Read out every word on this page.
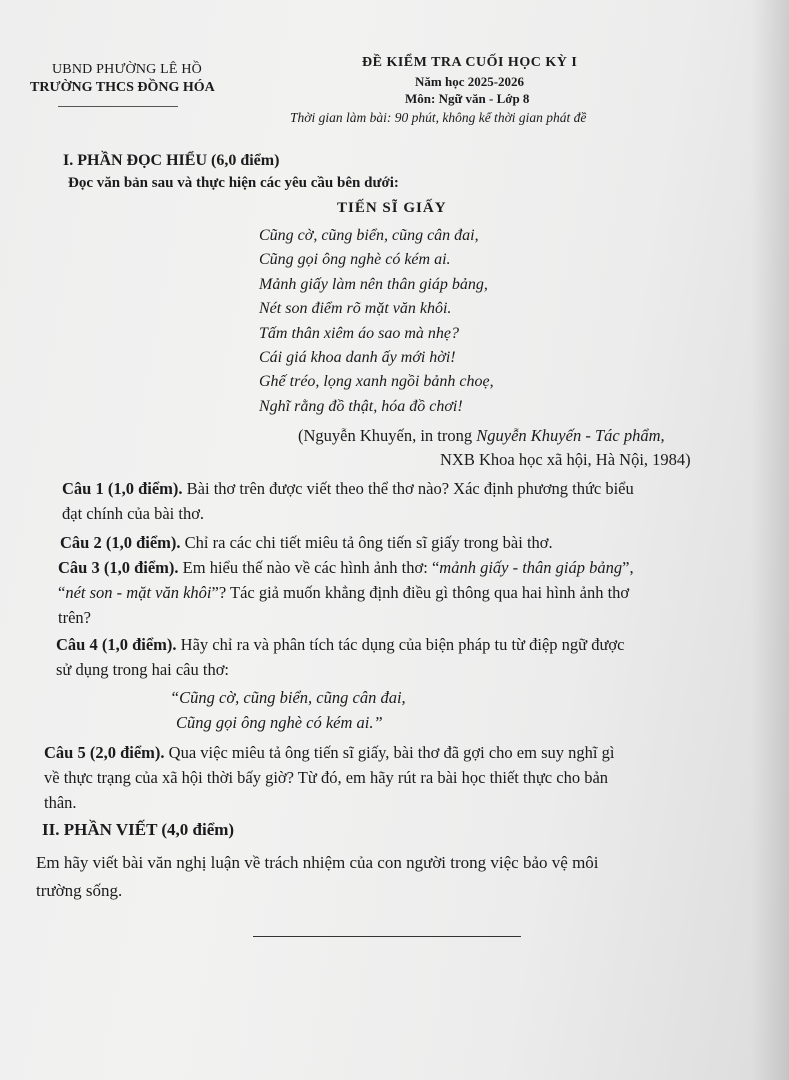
UBND PHƯỜNG LÊ HỒ
TRƯỜNG THCS ĐỒNG HÓA
ĐỀ KIỂM TRA CUỐI HỌC KỲ I
Năm học 2025-2026
Môn: Ngữ văn - Lớp 8
Thời gian làm bài: 90 phút, không kể thời gian phát đề
I. PHẦN ĐỌC HIỂU (6,0 điểm)
Đọc văn bản sau và thực hiện các yêu cầu bên dưới:
TIẾN SĨ GIẤY
Cũng cờ, cũng biển, cũng cân đai,
Cũng gọi ông nghè có kém ai.
Mảnh giấy làm nên thân giáp bảng,
Nét son điểm rõ mặt văn khôi.
Tấm thân xiêm áo sao mà nhẹ?
Cái giá khoa danh ấy mới hời!
Ghế tréo, lọng xanh ngồi bảnh choẹ,
Nghĩ rằng đồ thật, hóa đồ chơi!
(Nguyễn Khuyến, in trong Nguyễn Khuyến - Tác phẩm,
NXB Khoa học xã hội, Hà Nội, 1984)
Câu 1 (1,0 điểm). Bài thơ trên được viết theo thể thơ nào? Xác định phương thức biểu
đạt chính của bài thơ.
Câu 2 (1,0 điểm). Chỉ ra các chi tiết miêu tả ông tiến sĩ giấy trong bài thơ.
Câu 3 (1,0 điểm). Em hiểu thế nào về các hình ảnh thơ: “mảnh giấy - thân giáp bảng”,
“nét son - mặt văn khôi”? Tác giả muốn khẳng định điều gì thông qua hai hình ảnh thơ
trên?
Câu 4 (1,0 điểm). Hãy chỉ ra và phân tích tác dụng của biện pháp tu từ điệp ngữ được
sử dụng trong hai câu thơ:
“Cũng cờ, cũng biển, cũng cân đai,
Cũng gọi ông nghè có kém ai.”
Câu 5 (2,0 điểm). Qua việc miêu tả ông tiến sĩ giấy, bài thơ đã gợi cho em suy nghĩ gì
về thực trạng của xã hội thời bấy giờ? Từ đó, em hãy rút ra bài học thiết thực cho bản
thân.
II. PHẦN VIẾT (4,0 điểm)
Em hãy viết bài văn nghị luận về trách nhiệm của con người trong việc bảo vệ môi
trường sống.
